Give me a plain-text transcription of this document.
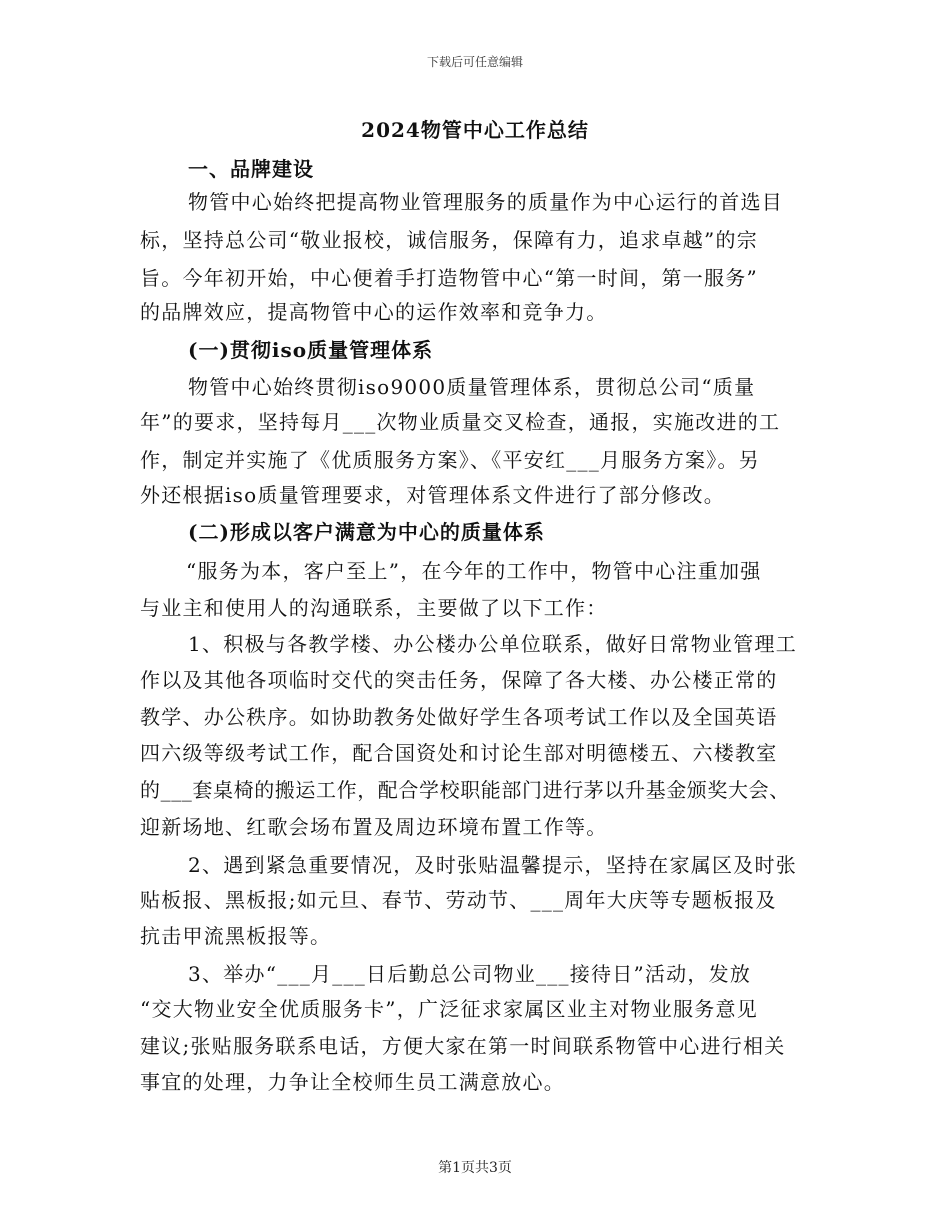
下载后可任意编辑
2024物管中心工作总结
一、品牌建设
物管中心始终把提高物业管理服务的质量作为中心运行的首选目
标，坚持总公司“敬业报校，诚信服务，保障有力，追求卓越”的宗
旨。今年初开始，中心便着手打造物管中心“第一时间，第一服务”
的品牌效应，提高物管中心的运作效率和竞争力。
(一)贯彻iso质量管理体系
物管中心始终贯彻iso9000质量管理体系，贯彻总公司“质量
年”的要求，坚持每月___次物业质量交叉检查，通报，实施改进的工
作，制定并实施了《优质服务方案》、《平安红___月服务方案》。另
外还根据iso质量管理要求，对管理体系文件进行了部分修改。
(二)形成以客户满意为中心的质量体系
“服务为本，客户至上”，在今年的工作中，物管中心注重加强
与业主和使用人的沟通联系，主要做了以下工作：
1、积极与各教学楼、办公楼办公单位联系，做好日常物业管理工
作以及其他各项临时交代的突击任务，保障了各大楼、办公楼正常的
教学、办公秩序。如协助教务处做好学生各项考试工作以及全国英语
四六级等级考试工作，配合国资处和讨论生部对明德楼五、六楼教室
的___套桌椅的搬运工作，配合学校职能部门进行茅以升基金颁奖大会、
迎新场地、红歌会场布置及周边环境布置工作等。
2、遇到紧急重要情况，及时张贴温馨提示，坚持在家属区及时张
贴板报、黑板报;如元旦、春节、劳动节、___周年大庆等专题板报及
抗击甲流黑板报等。
3、举办“___月___日后勤总公司物业___接待日”活动，发放
“交大物业安全优质服务卡”，广泛征求家属区业主对物业服务意见
建议;张贴服务联系电话，方便大家在第一时间联系物管中心进行相关
事宜的处理，力争让全校师生员工满意放心。
第1页共3页
